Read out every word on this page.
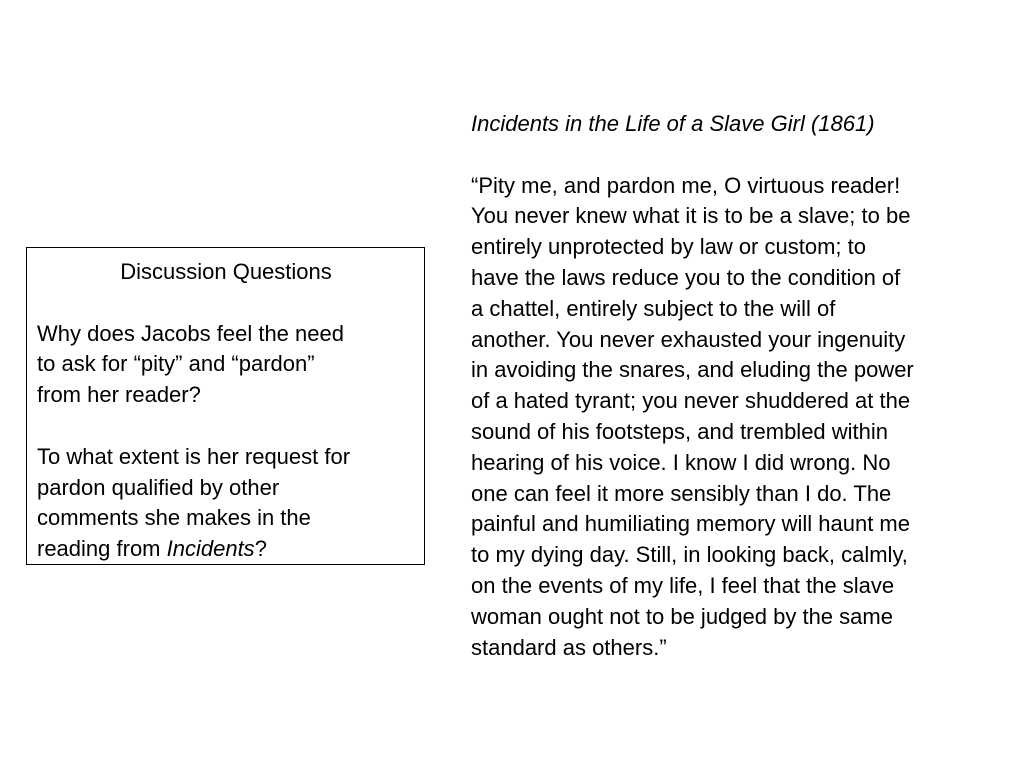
Discussion Questions

Why does Jacobs feel the need
to ask for “pity” and “pardon”
from her reader?

To what extent is her request for
pardon qualified by other
comments she makes in the
reading from Incidents?

Incidents in the Life of a Slave Girl (1861)

“Pity me, and pardon me, O virtuous reader!
You never knew what it is to be a slave; to be
entirely unprotected by law or custom; to
have the laws reduce you to the condition of
a chattel, entirely subject to the will of
another. You never exhausted your ingenuity
in avoiding the snares, and eluding the power
of a hated tyrant; you never shuddered at the
sound of his footsteps, and trembled within
hearing of his voice. I know I did wrong. No
one can feel it more sensibly than I do. The
painful and humiliating memory will haunt me
to my dying day. Still, in looking back, calmly,
on the events of my life, I feel that the slave
woman ought not to be judged by the same
standard as others.”
